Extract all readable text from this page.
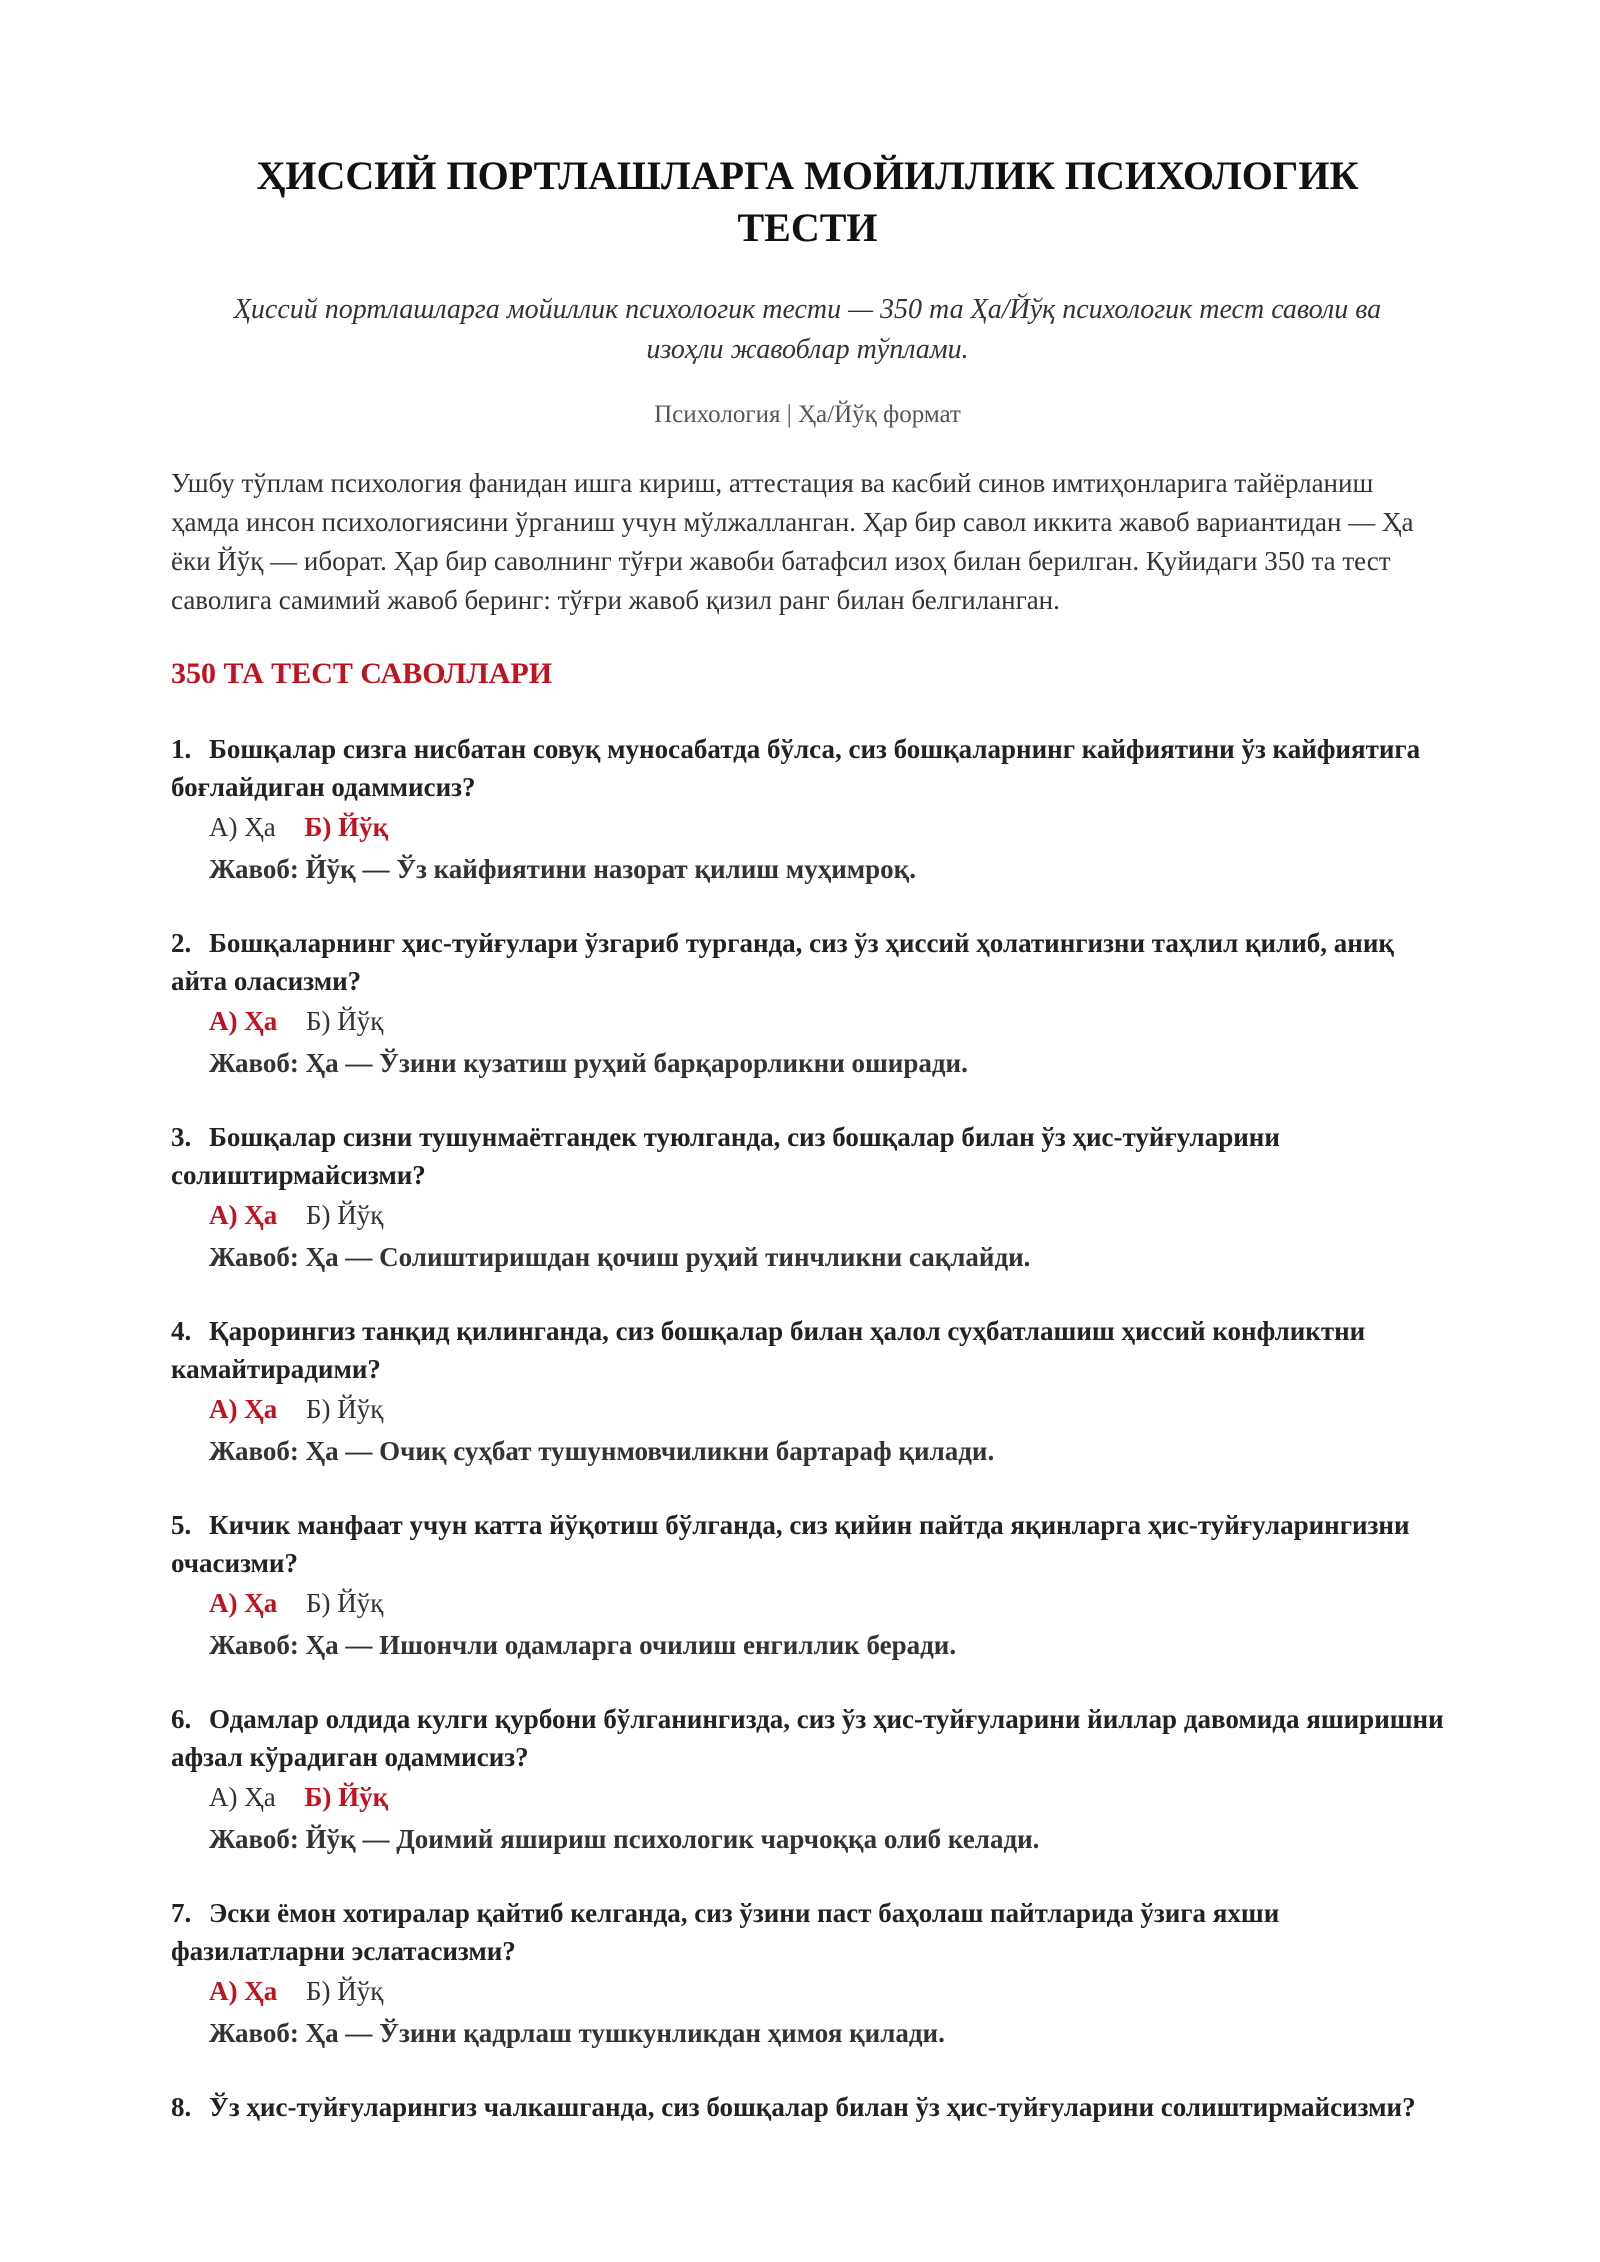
ҲИССИЙ ПОРТЛАШЛАРГА МОЙИЛЛИК ПСИХОЛОГИК ТЕСТИ
Ҳиссий портлашларга мойиллик психологик тести — 350 та Ҳа/Йўқ психологик тест саволи ва изоҳли жавоблар тўплами.
Психология | Ҳа/Йўқ формат
Ушбу тўплам психология фанидан ишга кириш, аттестация ва касбий синов имтиҳонларига тайёрланиш ҳамда инсон психологиясини ўрганиш учун мўлжалланган. Ҳар бир савол иккита жавоб вариантидан — Ҳа ёки Йўқ — иборат. Ҳар бир саволнинг тўғри жавоби батафсил изоҳ билан берилган. Қуйидаги 350 та тест саволига самимий жавоб беринг: тўғри жавоб қизил ранг билан белгиланган.
350 ТА ТЕСТ САВОЛЛАРИ
1. Бошқалар сизга нисбатан совуқ муносабатда бўлса, сиз бошқаларнинг кайфиятини ўз кайфиятига боғлайдиган одаммисиз?
А) Ҳа Б) Йўқ
Жавоб: Йўқ — Ўз кайфиятини назорат қилиш муҳимроқ.
2. Бошқаларнинг ҳис-туйғулари ўзгариб турганда, сиз ўз ҳиссий ҳолатингизни таҳлил қилиб, аниқ айта оласизми?
А) Ҳа Б) Йўқ
Жавоб: Ҳа — Ўзини кузатиш руҳий барқарорликни оширади.
3. Бошқалар сизни тушунмаётгандек туюлганда, сиз бошқалар билан ўз ҳис-туйғуларини солиштирмайсизми?
А) Ҳа Б) Йўқ
Жавоб: Ҳа — Солиштиришдан қочиш руҳий тинчликни сақлайди.
4. Қарорингиз танқид қилинганда, сиз бошқалар билан ҳалол суҳбатлашиш ҳиссий конфликтни камайтирадими?
А) Ҳа Б) Йўқ
Жавоб: Ҳа — Очиқ суҳбат тушунмовчиликни бартараф қилади.
5. Кичик манфаат учун катта йўқотиш бўлганда, сиз қийин пайтда яқинларга ҳис-туйғуларингизни очасизми?
А) Ҳа Б) Йўқ
Жавоб: Ҳа — Ишончли одамларга очилиш енгиллик беради.
6. Одамлар олдида кулги қурбони бўлганингизда, сиз ўз ҳис-туйғуларини йиллар давомида яширишни афзал кўрадиган одаммисиз?
А) Ҳа Б) Йўқ
Жавоб: Йўқ — Доимий яшириш психологик чарчоққа олиб келади.
7. Эски ёмон хотиралар қайтиб келганда, сиз ўзини паст баҳолаш пайтларида ўзига яхши фазилатларни эслатасизми?
А) Ҳа Б) Йўқ
Жавоб: Ҳа — Ўзини қадрлаш тушкунликдан ҳимоя қилади.
8. Ўз ҳис-туйғуларингиз чалкашганда, сиз бошқалар билан ўз ҳис-туйғуларини солиштирмайсизми?
